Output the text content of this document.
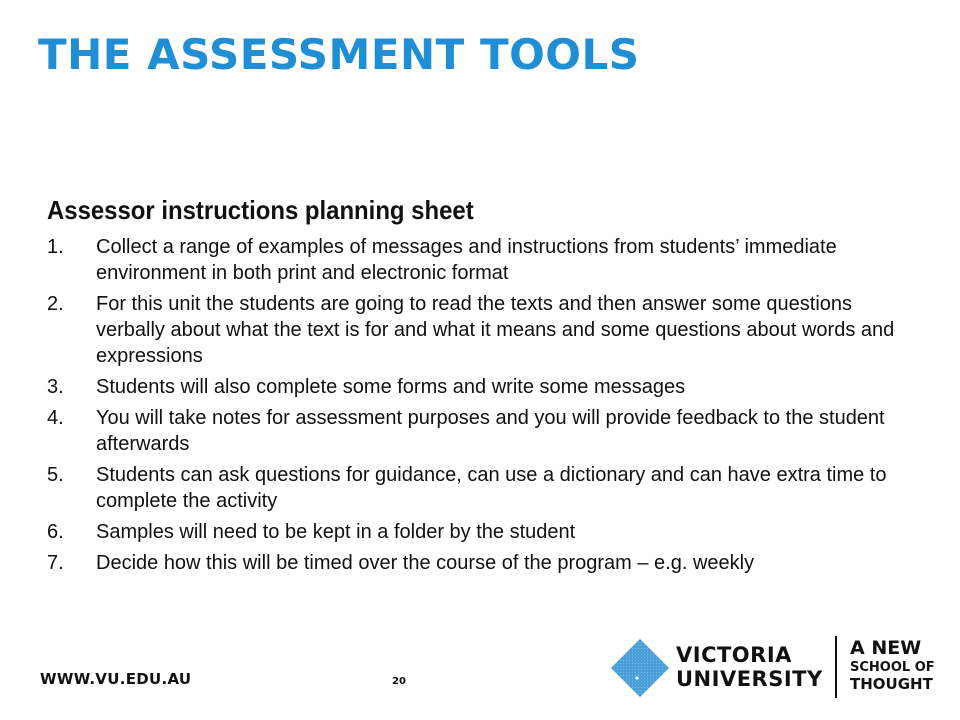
THE ASSESSMENT TOOLS
Assessor instructions planning sheet
1. Collect a range of examples of messages and instructions from students’ immediate environment in both print and electronic format
2. For this unit the students are going to read the texts and then answer some questions verbally about what the text is for and what it means and some questions about words and expressions
3. Students will also complete some forms and write some messages
4. You will take notes for assessment purposes and you will provide feedback to the student afterwards
5. Students can ask questions for guidance, can use a dictionary and can have extra time to complete the activity
6. Samples will need to be kept in a folder by the student
7. Decide how this will be timed over the course of the program – e.g. weekly
WWW.VU.EDU.AU	20
VICTORIA
UNIVERSITY
A NEW
SCHOOL OF
THOUGHT
